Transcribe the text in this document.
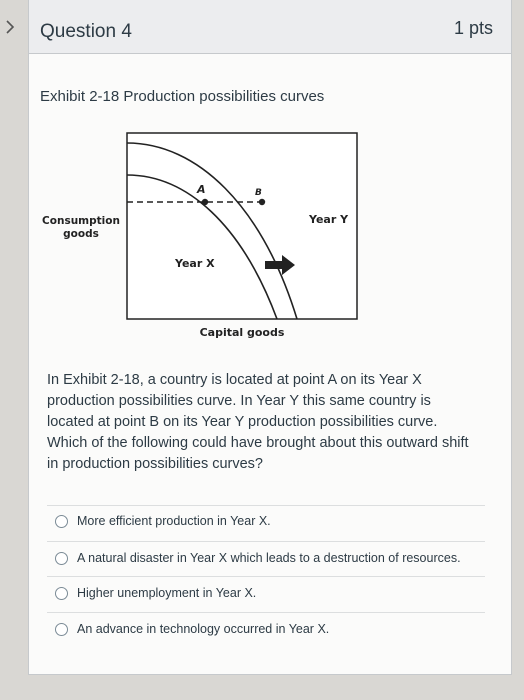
Question 4	1 pts
Exhibit 2-18 Production possibilities curves
A	B
Year Y
Year X
Consumption
goods
Capital goods
In Exhibit 2-18, a country is located at point A on its Year X production possibilities curve. In Year Y this same country is located at point B on its Year Y production possibilities curve. Which of the following could have brought about this outward shift in production possibilities curves?
More efficient production in Year X.
A natural disaster in Year X which leads to a destruction of resources.
Higher unemployment in Year X.
An advance in technology occurred in Year X.
